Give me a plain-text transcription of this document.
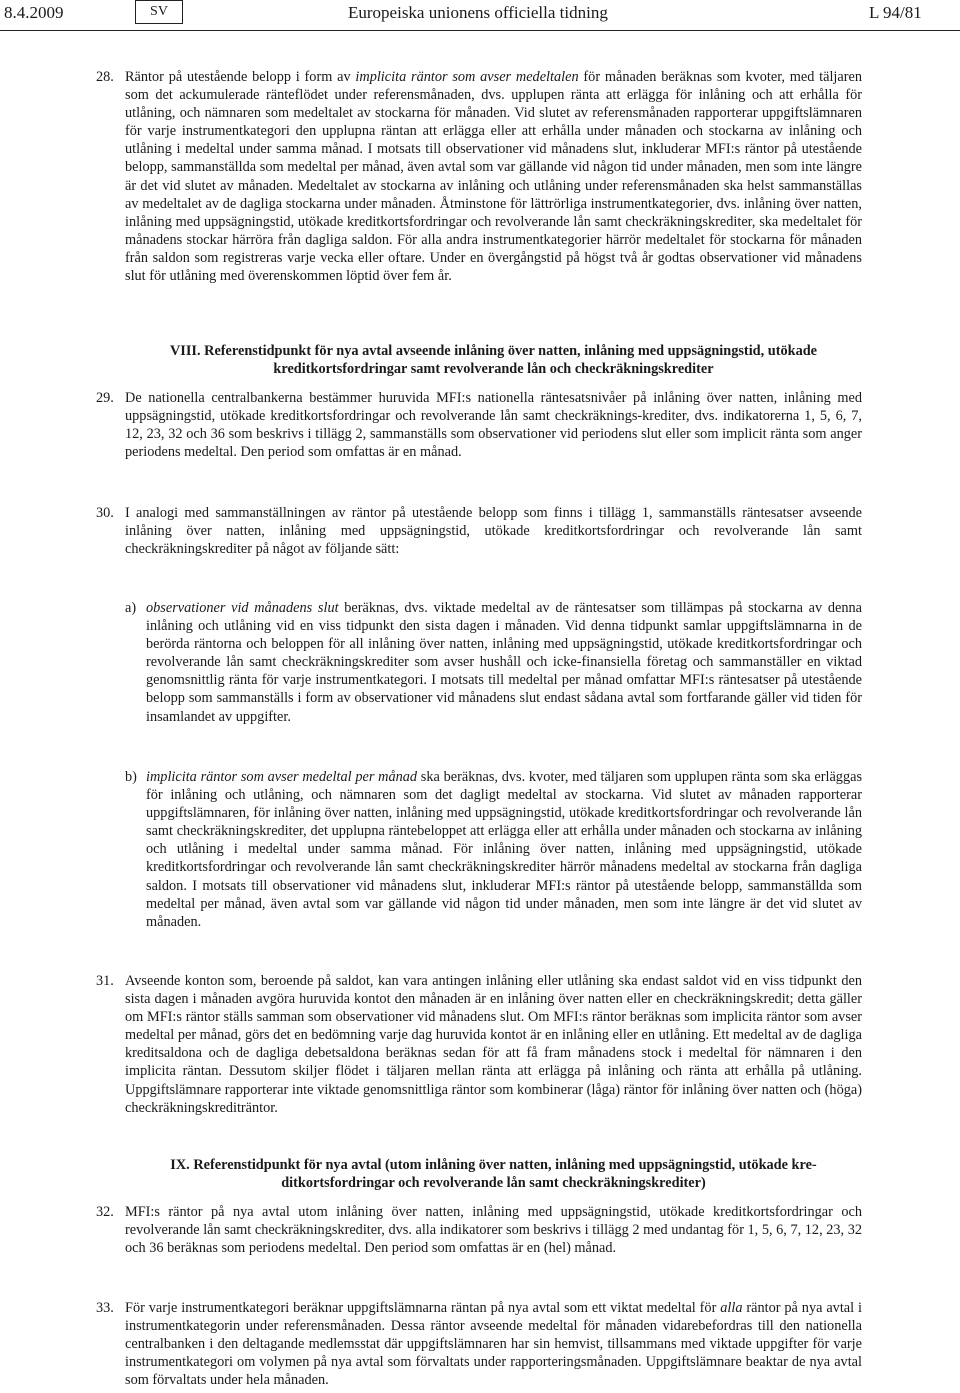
8.4.2009	SV	Europeiska unionens officiella tidning	L 94/81
28. Räntor på utestående belopp i form av implicita räntor som avser medeltalen för månaden beräknas som kvoter, med täljaren som det ackumulerade ränteflödet under referensmånaden, dvs. upplupen ränta att erlägga för inlåning och att erhålla för utlåning, och nämnaren som medeltalet av stockarna för månaden. Vid slutet av referensmånaden rapporterar uppgiftslämnaren för varje instrumentkategori den upplupna räntan att erlägga eller att erhålla under månaden och stockarna av inlåning och utlåning i medeltal under samma månad. I motsats till observationer vid månadens slut, inkluderar MFI:s räntor på utestående belopp, sammanställda som medeltal per månad, även avtal som var gällande vid någon tid under månaden, men som inte längre är det vid slutet av månaden. Medeltalet av stockarna av inlåning och utlåning under referensmånaden ska helst sammanställas av medeltalet av de dagliga stockarna under månaden. Åtminstone för lättrörliga instrumentkategorier, dvs. inlåning över natten, inlåning med uppsägningstid, utökade kreditkortsfordringar och revolverande lån samt checkräkningskrediter, ska medeltalet för månadens stockar härröra från dagliga saldon. För alla andra instrumentkategorier härrör medeltalet för stockarna för månaden från saldon som registreras varje vecka eller oftare. Under en övergångstid på högst två år godtas observationer vid månadens slut för utlåning med överenskommen löptid över fem år.
VIII. Referenstidpunkt för nya avtal avseende inlåning över natten, inlåning med uppsägningstid, utökade
kreditkortsfordringar samt revolverande lån och checkräkningskrediter
29. De nationella centralbankerna bestämmer huruvida MFI:s nationella räntesatsnivåer på inlåning över natten, inlåning med uppsägningstid, utökade kreditkortsfordringar och revolverande lån samt checkräknings-krediter, dvs. indikatorerna 1, 5, 6, 7, 12, 23, 32 och 36 som beskrivs i tillägg 2, sammanställs som observationer vid periodens slut eller som implicit ränta som anger periodens medeltal. Den period som omfattas är en månad.
30. I analogi med sammanställningen av räntor på utestående belopp som finns i tillägg 1, sammanställs räntesatser avseende inlåning över natten, inlåning med uppsägningstid, utökade kreditkortsfordringar och revolverande lån samt checkräkningskrediter på något av följande sätt:
a) observationer vid månadens slut beräknas, dvs. viktade medeltal av de räntesatser som tillämpas på stockarna av denna inlåning och utlåning vid en viss tidpunkt den sista dagen i månaden. Vid denna tidpunkt samlar uppgiftslämnarna in de berörda räntorna och beloppen för all inlåning över natten, inlåning med uppsägningstid, utökade kreditkortsfordringar och revolverande lån samt checkräkningskrediter som avser hushåll och icke-finansiella företag och sammanställer en viktad genomsnittlig ränta för varje instrumentkategori. I motsats till medeltal per månad omfattar MFI:s räntesatser på utestående belopp som sammanställs i form av observationer vid månadens slut endast sådana avtal som fortfarande gäller vid tiden för insamlandet av uppgifter.
b) implicita räntor som avser medeltal per månad ska beräknas, dvs. kvoter, med täljaren som upplupen ränta som ska erläggas för inlåning och utlåning, och nämnaren som det dagligt medeltal av stockarna. Vid slutet av månaden rapporterar uppgiftslämnaren, för inlåning över natten, inlåning med uppsägningstid, utökade kreditkortsfordringar och revolverande lån samt checkräkningskrediter, det upplupna räntebeloppet att erlägga eller att erhålla under månaden och stockarna av inlåning och utlåning i medeltal under samma månad. För inlåning över natten, inlåning med uppsägningstid, utökade kreditkortsfordringar och revolverande lån samt checkräkningskrediter härrör månadens medeltal av stockarna från dagliga saldon. I motsats till observationer vid månadens slut, inkluderar MFI:s räntor på utestående belopp, sammanställda som medeltal per månad, även avtal som var gällande vid någon tid under månaden, men som inte längre är det vid slutet av månaden.
31. Avseende konton som, beroende på saldot, kan vara antingen inlåning eller utlåning ska endast saldot vid en viss tidpunkt den sista dagen i månaden avgöra huruvida kontot den månaden är en inlåning över natten eller en checkräkningskredit; detta gäller om MFI:s räntor ställs samman som observationer vid månadens slut. Om MFI:s räntor beräknas som implicita räntor som avser medeltal per månad, görs det en bedömning varje dag huruvida kontot är en inlåning eller en utlåning. Ett medeltal av de dagliga kreditsaldona och de dagliga debetsaldona beräknas sedan för att få fram månadens stock i medeltal för nämnaren i den implicita räntan. Dessutom skiljer flödet i täljaren mellan ränta att erlägga på inlåning och ränta att erhålla på utlåning. Uppgiftslämnare rapporterar inte viktade genomsnittliga räntor som kombinerar (låga) räntor för inlåning över natten och (höga) checkräkningskrediträntor.
IX. Referenstidpunkt för nya avtal (utom inlåning över natten, inlåning med uppsägningstid, utökade kre-
ditkortsfordringar och revolverande lån samt checkräkningskrediter)
32. MFI:s räntor på nya avtal utom inlåning över natten, inlåning med uppsägningstid, utökade kreditkortsfordringar och revolverande lån samt checkräkningskrediter, dvs. alla indikatorer som beskrivs i tillägg 2 med undantag för 1, 5, 6, 7, 12, 23, 32 och 36 beräknas som periodens medeltal. Den period som omfattas är en (hel) månad.
33. För varje instrumentkategori beräknar uppgiftslämnarna räntan på nya avtal som ett viktat medeltal för alla räntor på nya avtal i instrumentkategorin under referensmånaden. Dessa räntor avseende medeltal för månaden vidarebefordras till den nationella centralbanken i den deltagande medlemsstat där uppgiftslämnaren har sin hemvist, tillsammans med viktade uppgifter för varje instrumentkategori om volymen på nya avtal som förvaltats under rapporteringsmånaden. Uppgiftslämnare beaktar de nya avtal som förvaltats under hela månaden.
